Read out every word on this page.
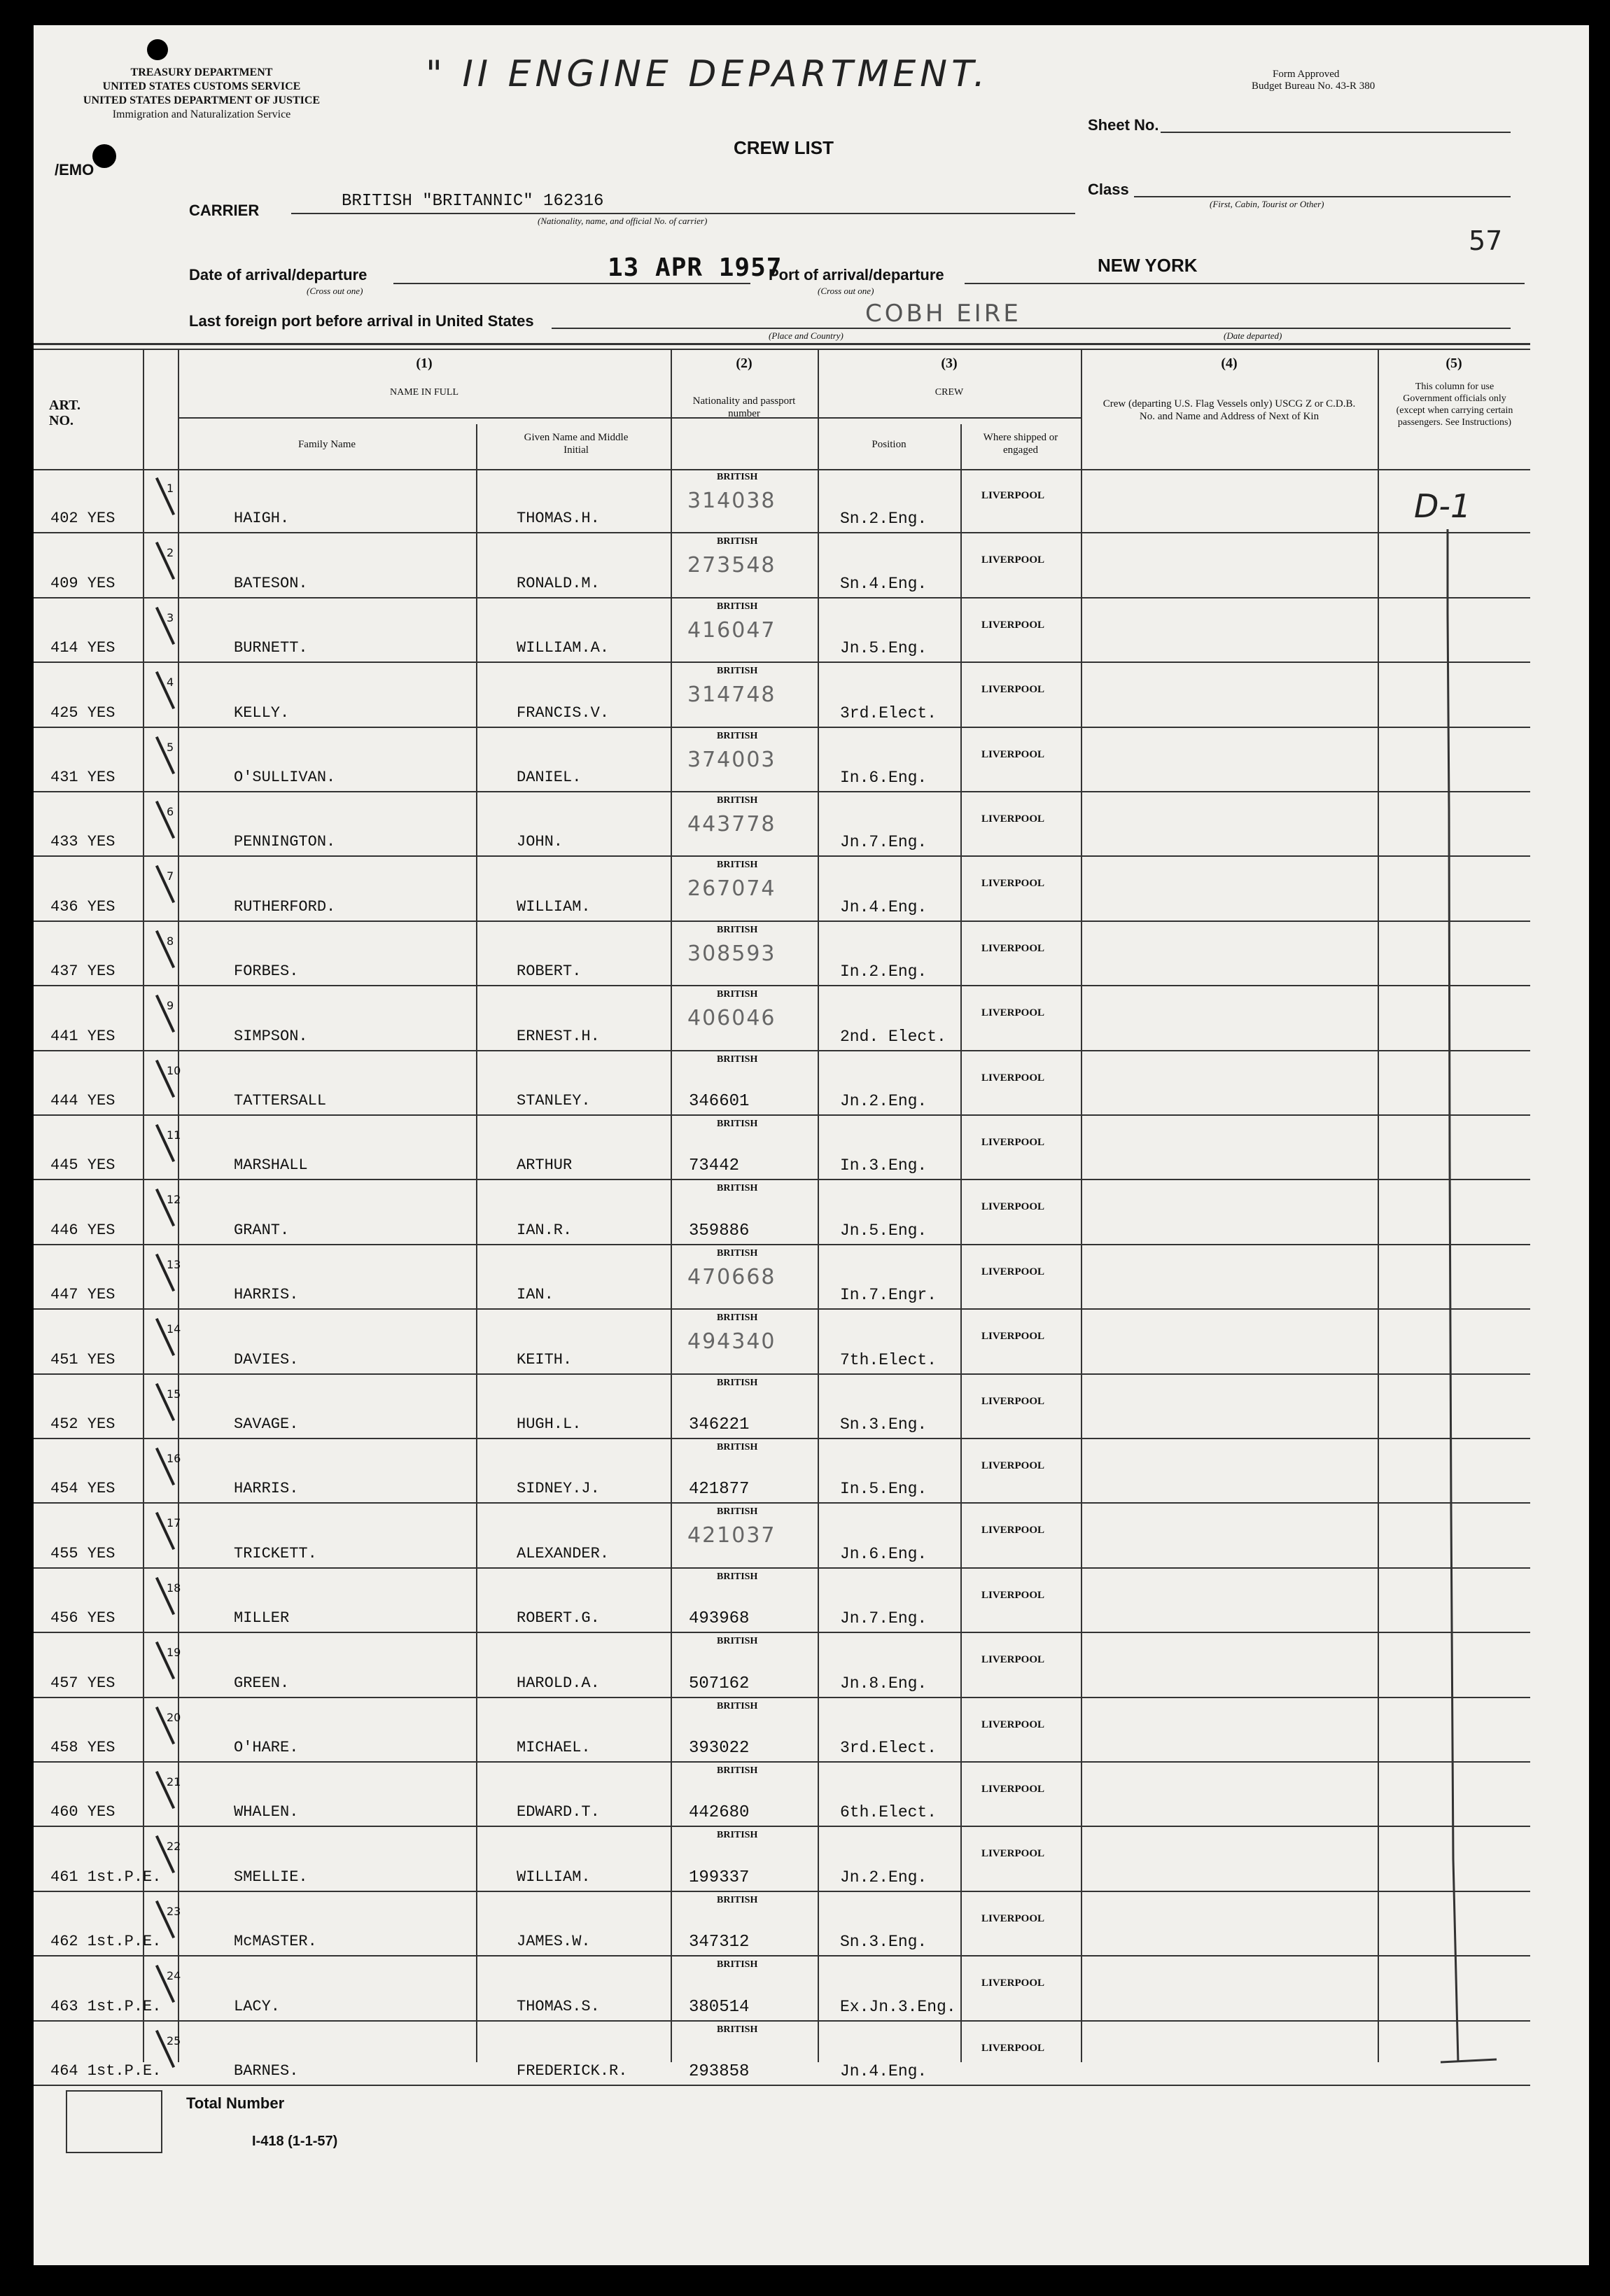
TREASURY DEPARTMENT
UNITED STATES CUSTOMS SERVICE
UNITED STATES DEPARTMENT OF JUSTICE
Immigration and Naturalization Service
/EMO
" II ENGINE DEPARTMENT.	Form Approved
Budget Bureau No. 43-R 380
CREW LIST
Sheet No.
Class
(First, Cabin, Tourist or Other)
57
CARRIER	BRITISH "BRITANNIC" 162316
(Nationality, name, and official No. of carrier)
Date of arrival/departure
(Cross out one)
13 APR 1957
Port of arrival/departure
(Cross out one)
NEW YORK
Last foreign port before arrival in United States	COBH EIRE
(Place and Country)	(Date departed)
ART. NO.
(1)
NAME IN FULL
Family Name
Given Name and Middle Initial
(2)
Nationality and passport number
(3)
CREW
Position
Where shipped or engaged
(4)
Crew (departing U.S. Flag Vessels only) USCG Z or C.D.B. No. and Name and Address of Next of Kin
(5)
This column for use Government officials only (except when carrying certain passengers. See Instructions)
402 YES
1
HAIGH.	THOMAS.H.
BRITISH
314038
Sn.2.Eng.
LIVERPOOL
409 YES
2
BATESON.	RONALD.M.
BRITISH
273548
Sn.4.Eng.
LIVERPOOL
414 YES
3
BURNETT.	WILLIAM.A.
BRITISH
416047
Jn.5.Eng.
LIVERPOOL
425 YES
4
KELLY.	FRANCIS.V.
BRITISH
314748
3rd.Elect.
LIVERPOOL
431 YES
5
O'SULLIVAN.	DANIEL.
BRITISH
374003
In.6.Eng.
LIVERPOOL
433 YES
6
PENNINGTON.	JOHN.
BRITISH
443778
Jn.7.Eng.
LIVERPOOL
436 YES
7
RUTHERFORD.	WILLIAM.
BRITISH
267074
Jn.4.Eng.
LIVERPOOL
437 YES
8
FORBES.	ROBERT.
BRITISH
308593
In.2.Eng.
LIVERPOOL
441 YES
9
SIMPSON.	ERNEST.H.
BRITISH
406046
2nd. Elect.
LIVERPOOL
444 YES
10
TATTERSALL	STANLEY.
BRITISH
346601	Jn.2.Eng.
LIVERPOOL
445 YES
11
MARSHALL	ARTHUR
BRITISH
73442	In.3.Eng.
LIVERPOOL
446 YES
12
GRANT.	IAN.R.
BRITISH
359886	Jn.5.Eng.
LIVERPOOL
447 YES
13
HARRIS.	IAN.
BRITISH
470668
In.7.Engr.
LIVERPOOL
451 YES
14
DAVIES.	KEITH.
BRITISH
494340
7th.Elect.
LIVERPOOL
452 YES
15
SAVAGE.	HUGH.L.
BRITISH
346221	Sn.3.Eng.
LIVERPOOL
454 YES
16
HARRIS.	SIDNEY.J.
BRITISH
421877	In.5.Eng.
LIVERPOOL
455 YES
17
TRICKETT.	ALEXANDER.
BRITISH
421037
Jn.6.Eng.
LIVERPOOL
456 YES
18
MILLER	ROBERT.G.
BRITISH
493968	Jn.7.Eng.
LIVERPOOL
457 YES
19
GREEN.	HAROLD.A.
BRITISH
507162	Jn.8.Eng.
LIVERPOOL
458 YES
20
O'HARE.	MICHAEL.
BRITISH
393022	3rd.Elect.
LIVERPOOL
460 YES
21
WHALEN.	EDWARD.T.
BRITISH
442680	6th.Elect.
LIVERPOOL
461 1st.P.E.
22
SMELLIE.	WILLIAM.
BRITISH
199337	Jn.2.Eng.
LIVERPOOL
462 1st.P.E.
23
McMASTER.	JAMES.W.
BRITISH
347312	Sn.3.Eng.
LIVERPOOL
463 1st.P.E.
24
LACY.	THOMAS.S.
BRITISH
380514	Ex.Jn.3.Eng.
LIVERPOOL
464 1st.P.E.
25
BARNES.	FREDERICK.R.
BRITISH
293858	Jn.4.Eng.
LIVERPOOL
D-1
Total Number
I-418 (1-1-57)
